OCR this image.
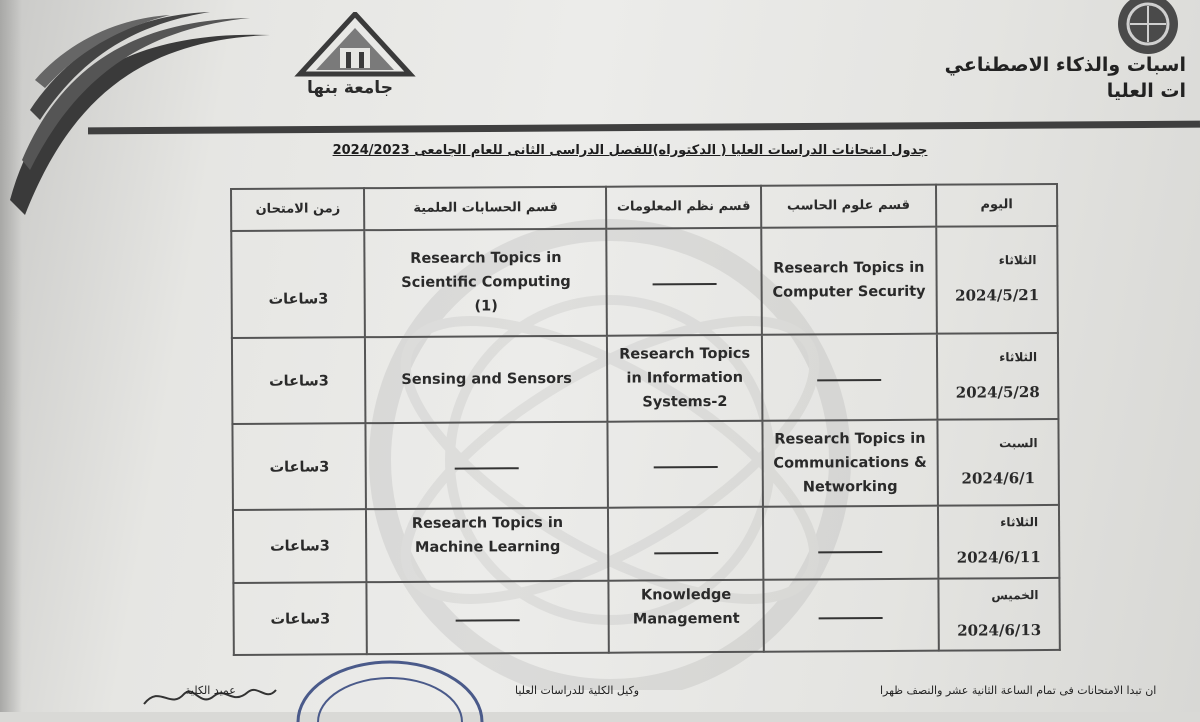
جامعة بنها
اسبات والذكاء الاصطناعي
ات العليا
جدول امتحانات الدراسات العليا ( الدكتوراه)للفصل الدراسى الثانى للعام الجامعى 2024/2023
زمن الامتحان	قسم الحسابات العلمية	قسم نظم المعلومات	قسم علوم الحاسب	اليوم
3ساعات	Research Topics in Scientific Computing (1)		Research Topics in Computer Security	الثلاثاء
2024/5/21

3ساعات	Sensing and Sensors	Research Topics in Information Systems-2		الثلاثاء
2024/5/28

3ساعات			Research Topics in Communications & Networking	السبت
2024/6/1

3ساعات	Research Topics in Machine Learning			الثلاثاء
2024/6/11

3ساعات		Knowledge Management		الخميس
2024/6/13
عميد الكلية	وكيل الكلية للدراسات العليا	ان تبدا الامتحانات فى تمام الساعة الثانية عشر والنصف ظهرا
